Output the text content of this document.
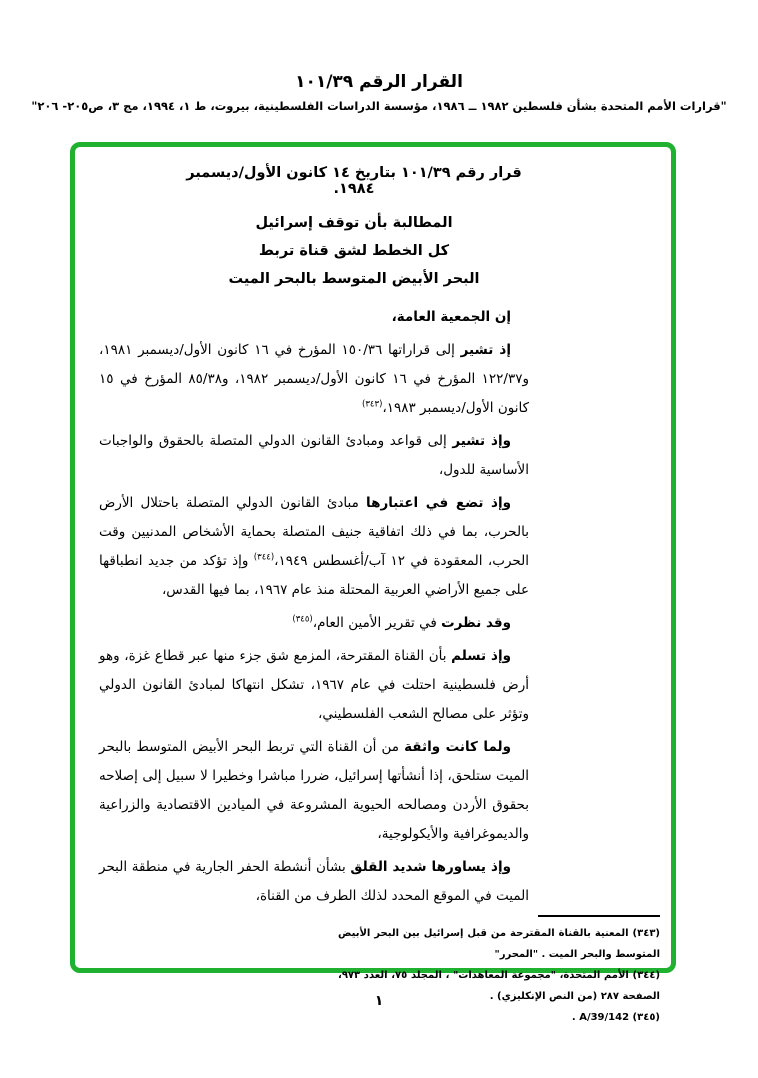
القرار الرقم ١٠١/٣٩
"قرارات الأمم المتحدة بشأن فلسطين ١٩٨٢ ــ ١٩٨٦، مؤسسة الدراسات الفلسطينية، بيروت، ط ١، ١٩٩٤، مج ٣، ص٢٠٥- ٢٠٦"
قرار رقم ١٠١/٣٩ بتاريخ ١٤ كانون الأول/ديسمبر ١٩٨٤.
المطالبة بأن توقف إسرائيل
كل الخطط لشق قناة تربط
البحر الأبيض المتوسط بالبحر الميت

إن الجمعية العامة،

إذ تشير إلى قراراتها ١٥٠/٣٦ المؤرخ في ١٦ كانون الأول/ديسمبر ١٩٨١، و١٢٢/٣٧ المؤرخ في ١٦ كانون الأول/ديسمبر ١٩٨٢، و٨٥/٣٨ المؤرخ في ١٥ كانون الأول/ديسمبر ١٩٨٣،$^{(٣٤٣)}$

وإذ تشير إلى قواعد ومبادئ القانون الدولي المتصلة بالحقوق والواجبات الأساسية للدول،

وإذ تضع في اعتبارها مبادئ القانون الدولي المتصلة باحتلال الأرض بالحرب، بما في ذلك اتفاقية جنيف المتصلة بحماية الأشخاص المدنيين وقت الحرب، المعقودة في ١٢ آب/أغسطس ١٩٤٩،$^{(٣٤٤)}$ وإذ تؤكد من جديد انطباقها على جميع الأراضي العربية المحتلة منذ عام ١٩٦٧، بما فيها القدس،

وقد نظرت في تقرير الأمين العام،$^{(٣٤٥)}$

وإذ تسلم بأن القناة المقترحة، المزمع شق جزء منها عبر قطاع غزة، وهو أرض فلسطينية احتلت في عام ١٩٦٧، تشكل انتهاكا لمبادئ القانون الدولي وتؤثر على مصالح الشعب الفلسطيني،

ولما كانت واثقة من أن القناة التي تربط البحر الأبيض المتوسط بالبحر الميت ستلحق، إذا أنشأتها إسرائيل، ضررا مباشرا وخطيرا لا سبيل إلى إصلاحه بحقوق الأردن ومصالحه الحيوية المشروعة في الميادين الاقتصادية والزراعية والديموغرافية والأيكولوجية،

وإذ يساورها شديد القلق بشأن أنشطة الحفر الجارية في منطقة البحر الميت في الموقع المحدد لذلك الطرف من القناة،

(٣٤٣) المعنية بالقناة المقترحة من قبل إسرائيل بين البحر الأبيض المتوسط والبحر الميت . "المحرر"
(٣٤٤) الأمم المتحدة، "مجموعة المعاهدات" ، المجلد ٧٥، العدد ٩٧٣، الصفحة ٢٨٧ (من النص الإنكليزي) .
(٣٤٥) A/39/142 .
١
